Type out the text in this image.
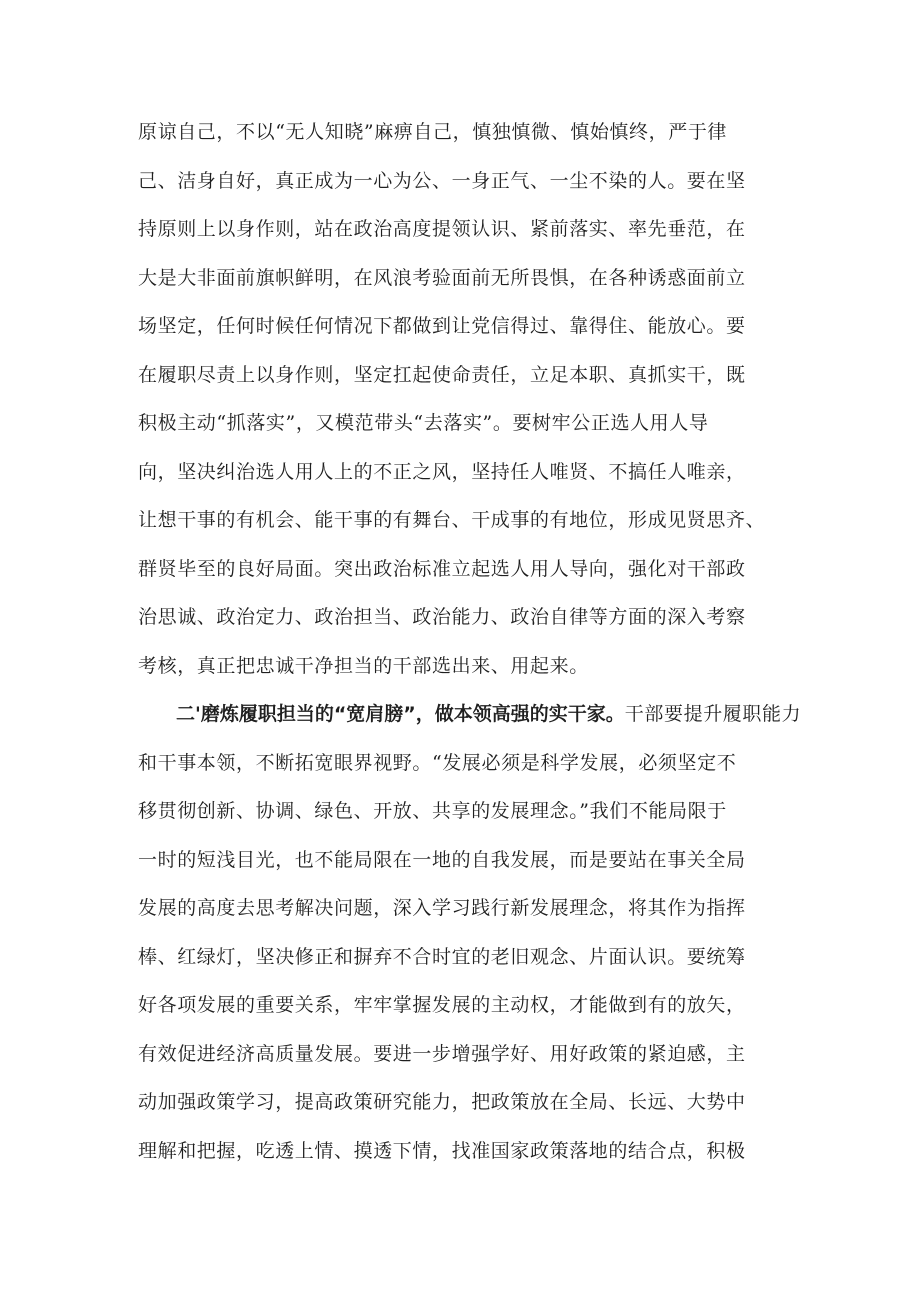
原谅自己，不以“无人知晓”麻痹自己，慎独慎微、慎始慎终，严于律
己、洁身自好，真正成为一心为公、一身正气、一尘不染的人。要在坚
持原则上以身作则，站在政治高度提领认识、紧前落实、率先垂范，在
大是大非面前旗帜鲜明，在风浪考验面前无所畏惧，在各种诱惑面前立
场坚定，任何时候任何情况下都做到让党信得过、靠得住、能放心。要
在履职尽责上以身作则，坚定扛起使命责任，立足本职、真抓实干，既
积极主动“抓落实”，又模范带头“去落实”。要树牢公正选人用人导
向，坚决纠治选人用人上的不正之风，坚持任人唯贤、不搞任人唯亲，
让想干事的有机会、能干事的有舞台、干成事的有地位，形成见贤思齐、
群贤毕至的良好局面。突出政治标准立起选人用人导向，强化对干部政
治思诚、政治定力、政治担当、政治能力、政治自律等方面的深入考察
考核，真正把忠诚干净担当的干部选出来、用起来。
二'磨炼履职担当的“宽肩膀”，做本领高强的实干家。干部要提升履职能力
和干事本领，不断拓宽眼界视野。“发展必须是科学发展，必须坚定不
移贯彻创新、协调、绿色、开放、共享的发展理念。”我们不能局限于
一时的短浅目光，也不能局限在一地的自我发展，而是要站在事关全局
发展的高度去思考解决问题，深入学习践行新发展理念，将其作为指挥
棒、红绿灯，坚决修正和摒弃不合时宜的老旧观念、片面认识。要统筹
好各项发展的重要关系，牢牢掌握发展的主动权，才能做到有的放矢，
有效促进经济高质量发展。要进一步增强学好、用好政策的紧迫感，主
动加强政策学习，提高政策研究能力，把政策放在全局、长远、大势中
理解和把握，吃透上情、摸透下情，找准国家政策落地的结合点，积极
